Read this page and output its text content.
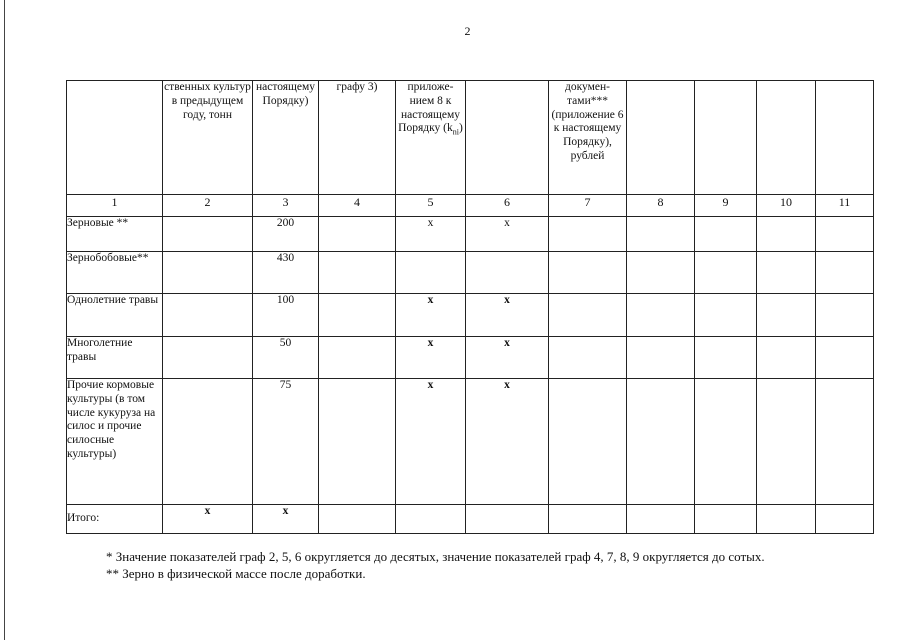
2
	ственных культур в предыдущем году, тонн	настоящему Порядку)	графу 3)	приложе-нием 8 к настоящему Порядку $(k_{ni})$		докумен-тами*** (приложение 6 к настоящему Порядку), рублей				
1	2	3	4	5	6	7	8	9	10	11
Зерновые **		200		x	x					
Зернобобовые**		430								
Однолетние травы		100		x	x					
Многолетние травы		50		x	x					
Прочие кормовые культуры (в том числе кукуруза на силос и прочие силосные культуры)		75		x	x					
Итого:	x	x								
* Значение показателей граф 2, 5, 6 округляется до десятых, значение показателей граф 4, 7, 8, 9 округляется до сотых.
** Зерно в физической массе после доработки.
